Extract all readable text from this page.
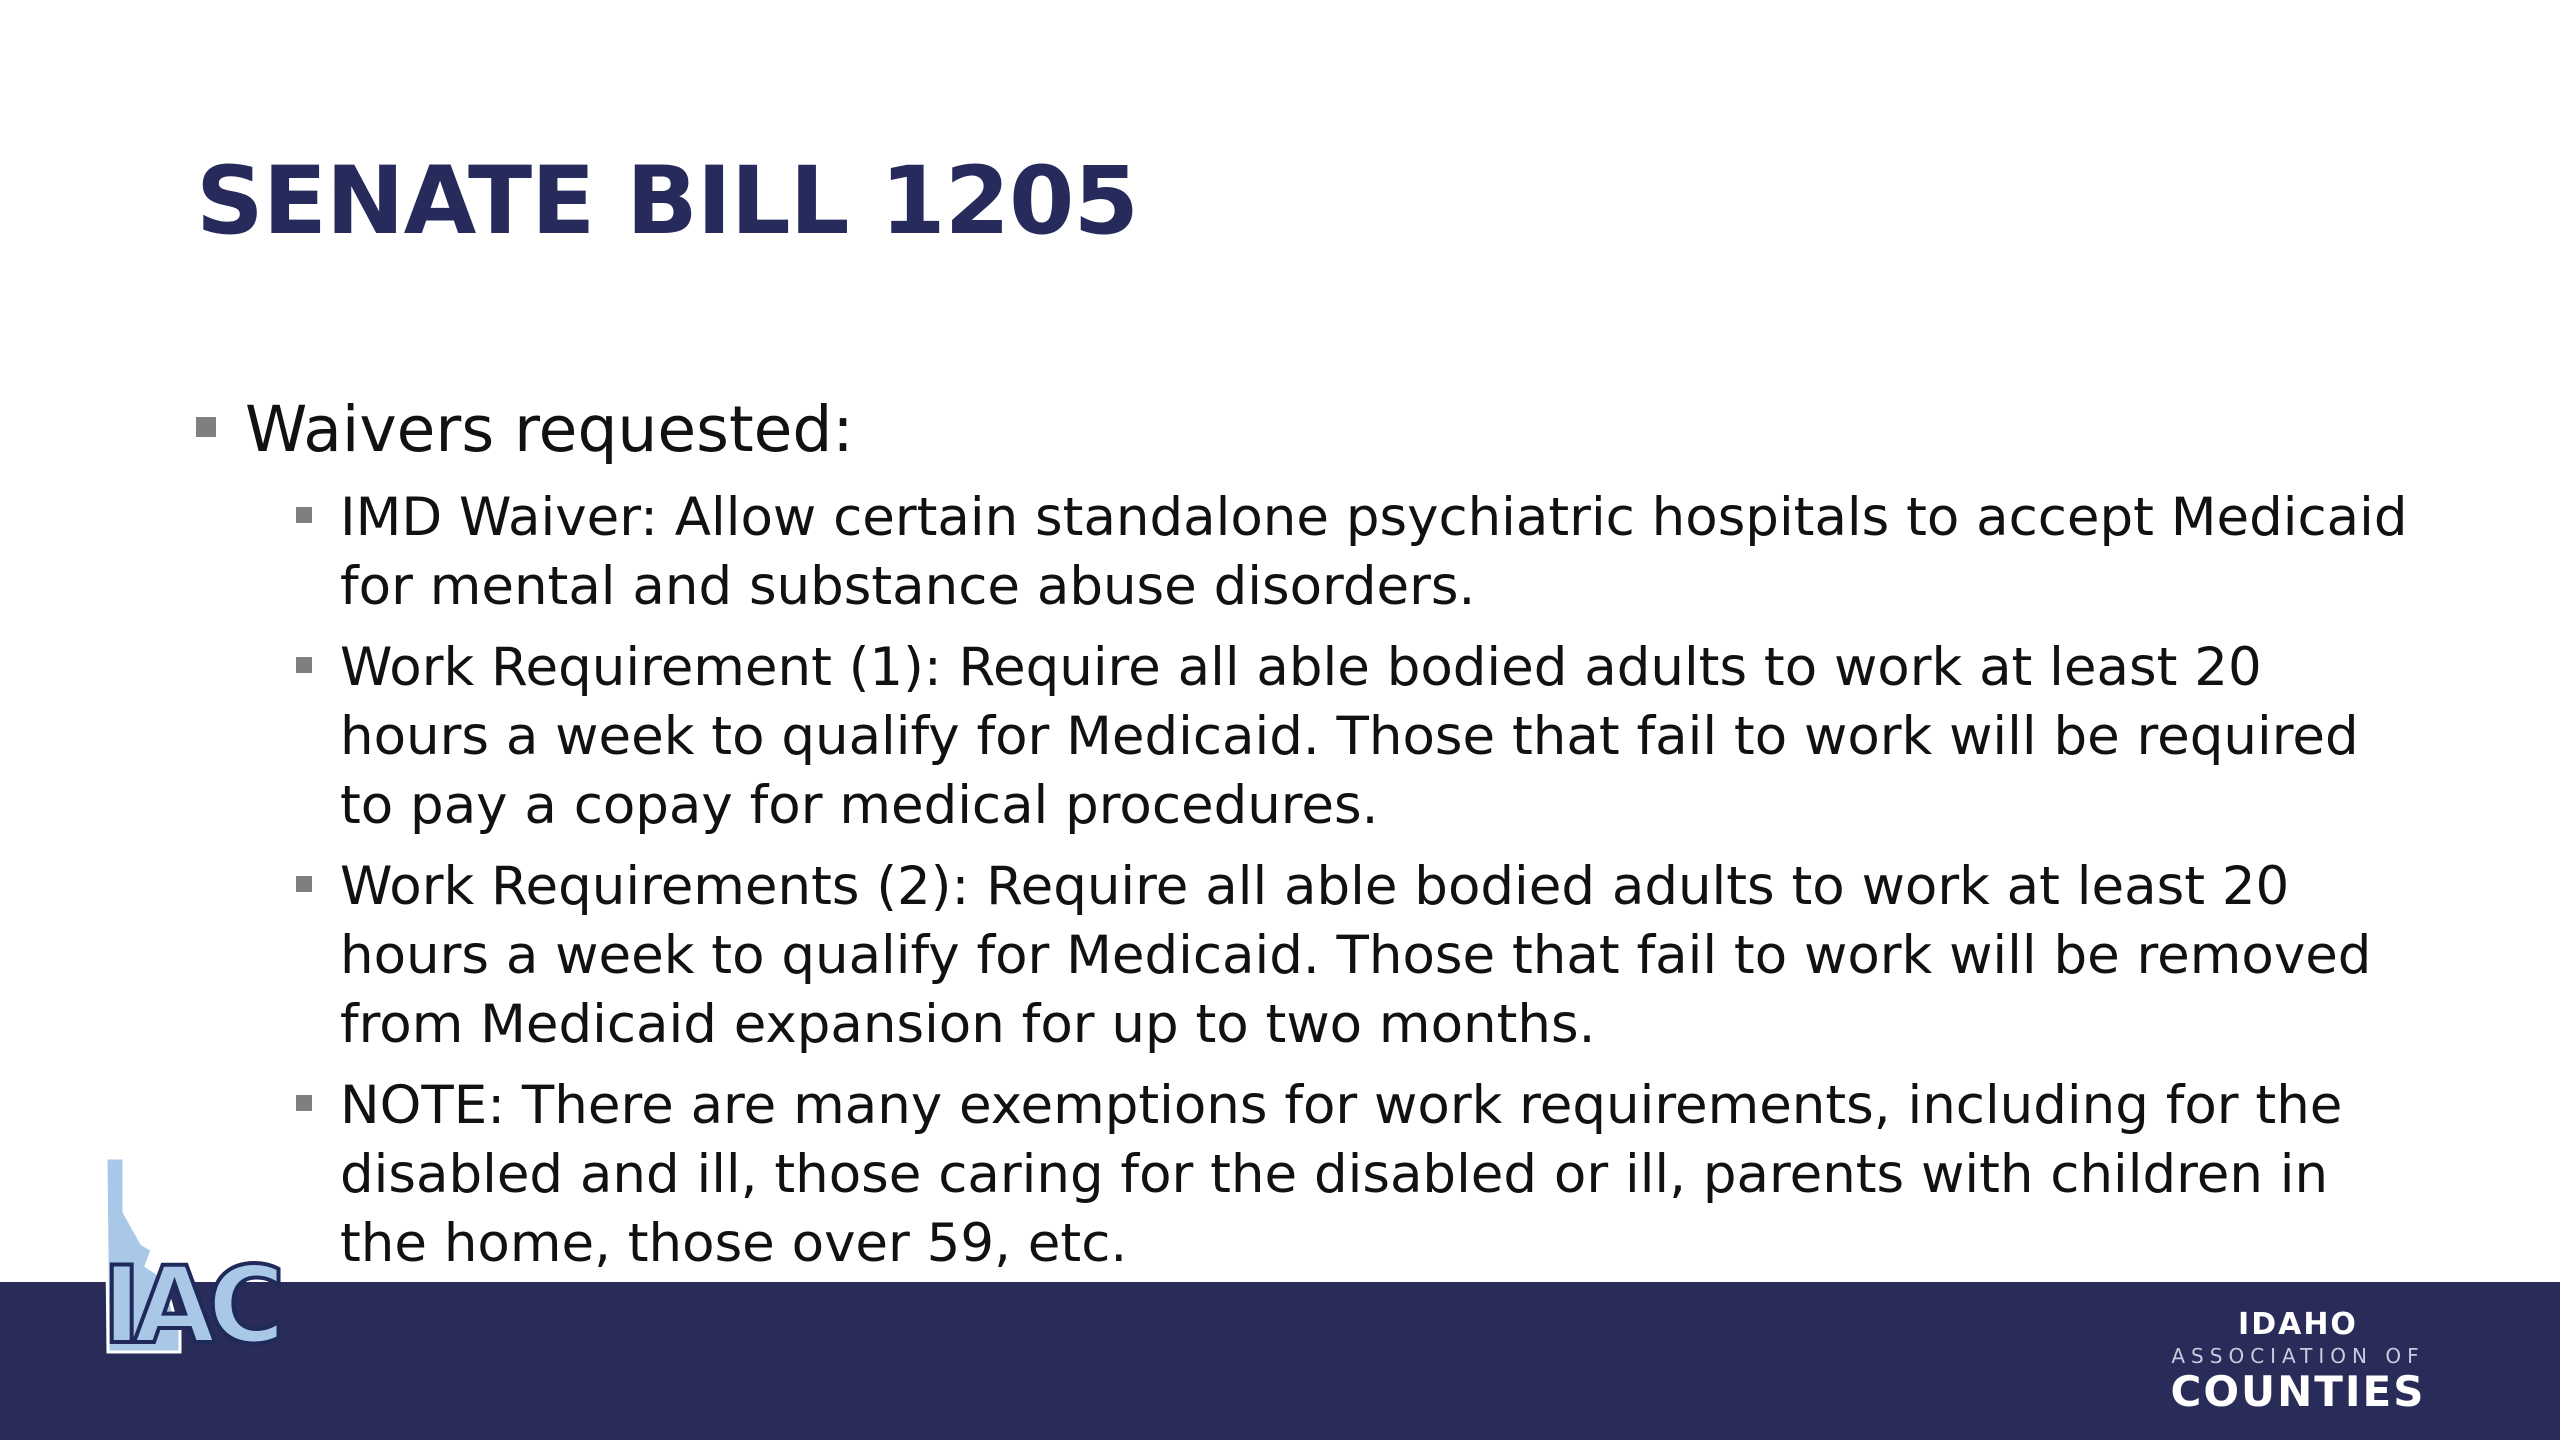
SENATE BILL 1205
Waivers requested:
IMD Waiver: Allow certain standalone psychiatric hospitals to accept Medicaid for mental and substance abuse disorders.
Work Requirement (1): Require all able bodied adults to work at least 20 hours a week to qualify for Medicaid. Those that fail to work will be required to pay a copay for medical procedures.
Work Requirements (2): Require all able bodied adults to work at least 20 hours a week to qualify for Medicaid. Those that fail to work will be removed from Medicaid expansion for up to two months.
NOTE: There are many exemptions for work requirements, including for the disabled and ill, those caring for the disabled or ill, parents with children in the home, those over 59, etc.
IAC	IDAHO
ASSOCIATION OF
COUNTIES
